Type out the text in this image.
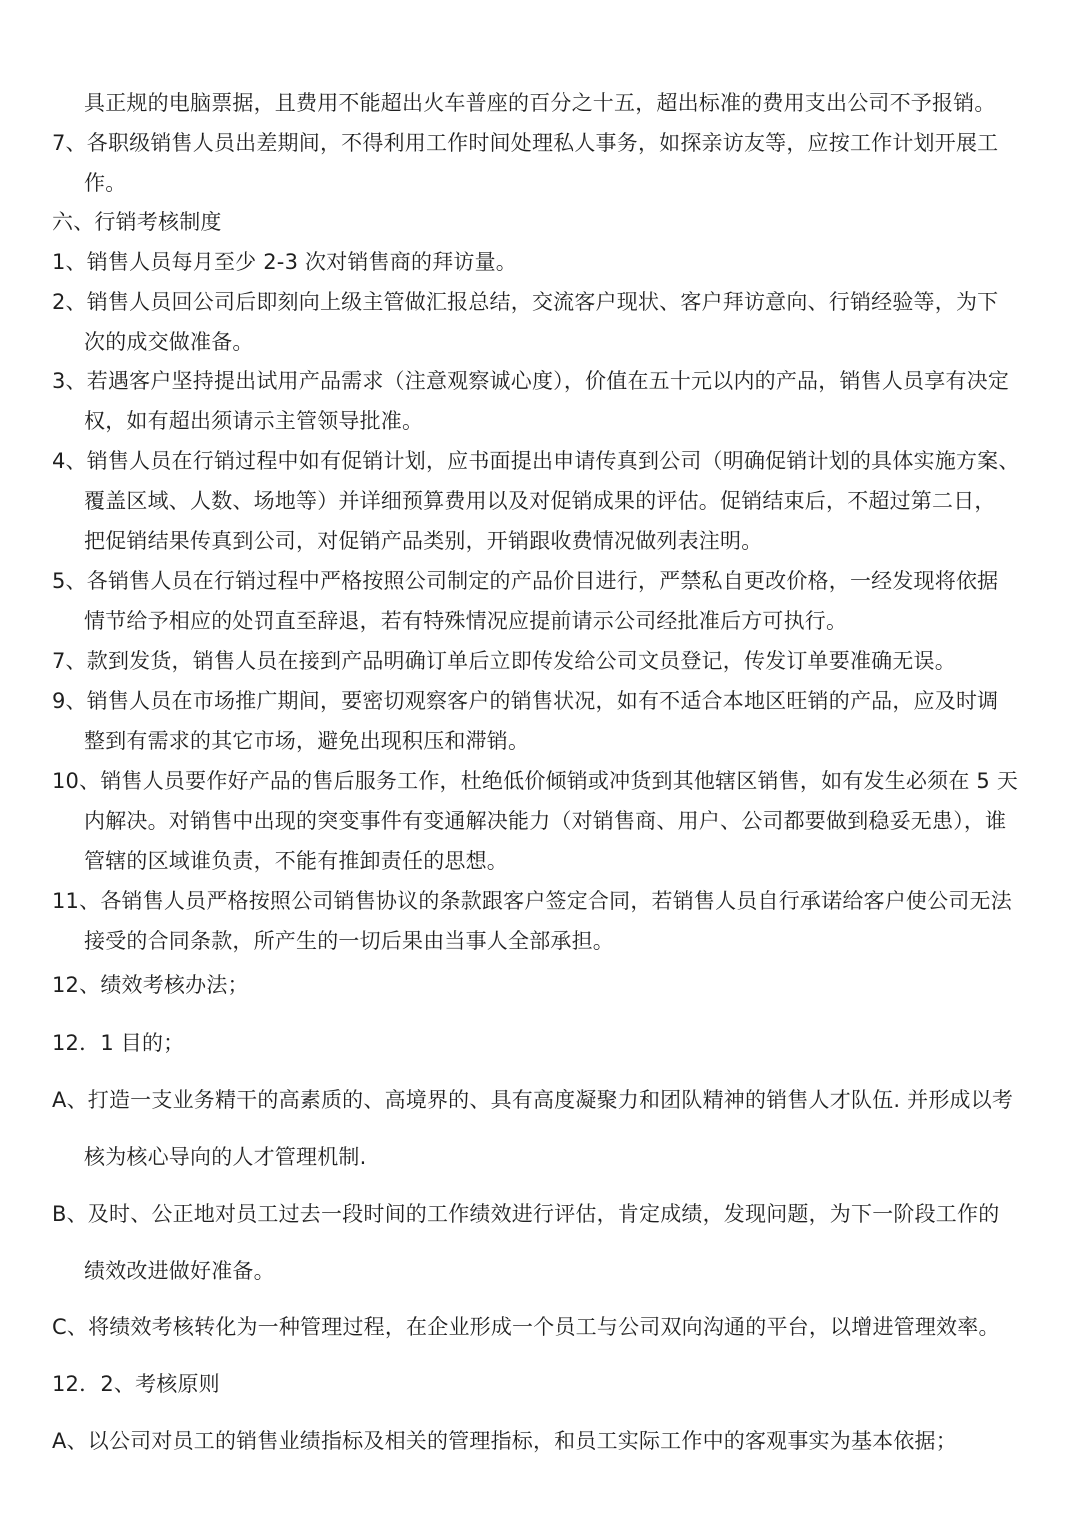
具正规的电脑票据，且费用不能超出火车普座的百分之十五，超出标准的费用支出公司不予报销。
7、各职级销售人员出差期间，不得利用工作时间处理私人事务，如探亲访友等，应按工作计划开展工
作。
六、行销考核制度
1、销售人员每月至少 2-3 次对销售商的拜访量。
2、销售人员回公司后即刻向上级主管做汇报总结，交流客户现状、客户拜访意向、行销经验等，为下
次的成交做准备。
3、若遇客户坚持提出试用产品需求（注意观察诚心度），价值在五十元以内的产品，销售人员享有决定
权，如有超出须请示主管领导批准。
4、销售人员在行销过程中如有促销计划，应书面提出申请传真到公司（明确促销计划的具体实施方案、
覆盖区域、人数、场地等）并详细预算费用以及对促销成果的评估。促销结束后，不超过第二日，
把促销结果传真到公司，对促销产品类别，开销跟收费情况做列表注明。
5、各销售人员在行销过程中严格按照公司制定的产品价目进行，严禁私自更改价格，一经发现将依据
情节给予相应的处罚直至辞退，若有特殊情况应提前请示公司经批准后方可执行。
7、款到发货，销售人员在接到产品明确订单后立即传发给公司文员登记，传发订单要准确无误。
9、销售人员在市场推广期间，要密切观察客户的销售状况，如有不适合本地区旺销的产品，应及时调
整到有需求的其它市场，避免出现积压和滞销。
10、销售人员要作好产品的售后服务工作，杜绝低价倾销或冲货到其他辖区销售，如有发生必须在 5 天
内解决。对销售中出现的突变事件有变通解决能力（对销售商、用户、公司都要做到稳妥无患），谁
管辖的区域谁负责，不能有推卸责任的思想。
11、各销售人员严格按照公司销售协议的条款跟客户签定合同，若销售人员自行承诺给客户使公司无法
接受的合同条款，所产生的一切后果由当事人全部承担。
12、绩效考核办法；
12．1 目的；
A、打造一支业务精干的高素质的、高境界的、具有高度凝聚力和团队精神的销售人才队伍. 并形成以考
核为核心导向的人才管理机制.
B、及时、公正地对员工过去一段时间的工作绩效进行评估，肯定成绩，发现问题，为下一阶段工作的
绩效改进做好准备。
C、将绩效考核转化为一种管理过程，在企业形成一个员工与公司双向沟通的平台，以增进管理效率。
12．2、考核原则
A、以公司对员工的销售业绩指标及相关的管理指标，和员工实际工作中的客观事实为基本依据；
